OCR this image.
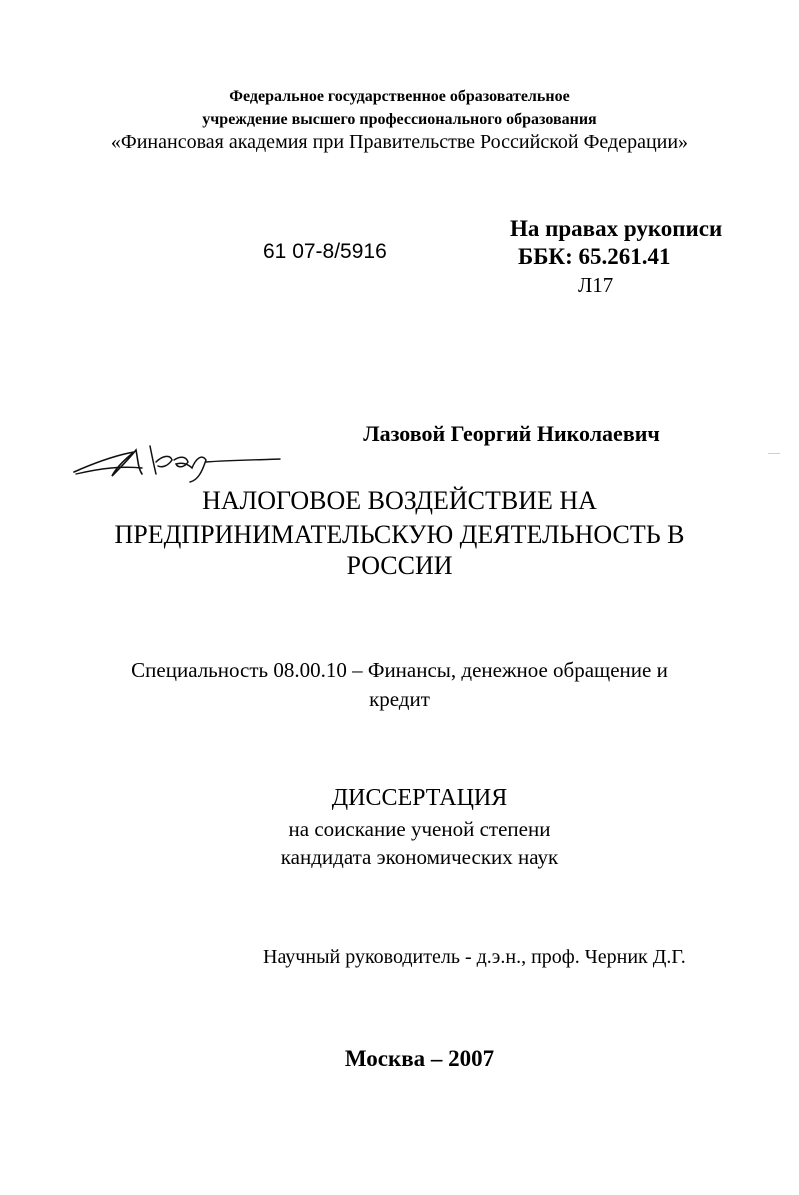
Федеральное государственное образовательное
учреждение высшего профессионального образования
«Финансовая академия при Правительстве Российской Федерации»
61 07-8/5916
На правах рукописи
ББК: 65.261.41
Л17
Лазовой Георгий Николаевич
НАЛОГОВОЕ ВОЗДЕЙСТВИЕ НА
ПРЕДПРИНИМАТЕЛЬСКУЮ ДЕЯТЕЛЬНОСТЬ В
РОССИИ
Специальность 08.00.10 – Финансы, денежное обращение и
кредит
ДИССЕРТАЦИЯ
на соискание ученой степени
кандидата экономических наук
Научный руководитель - д.э.н., проф. Черник Д.Г.
Москва – 2007
